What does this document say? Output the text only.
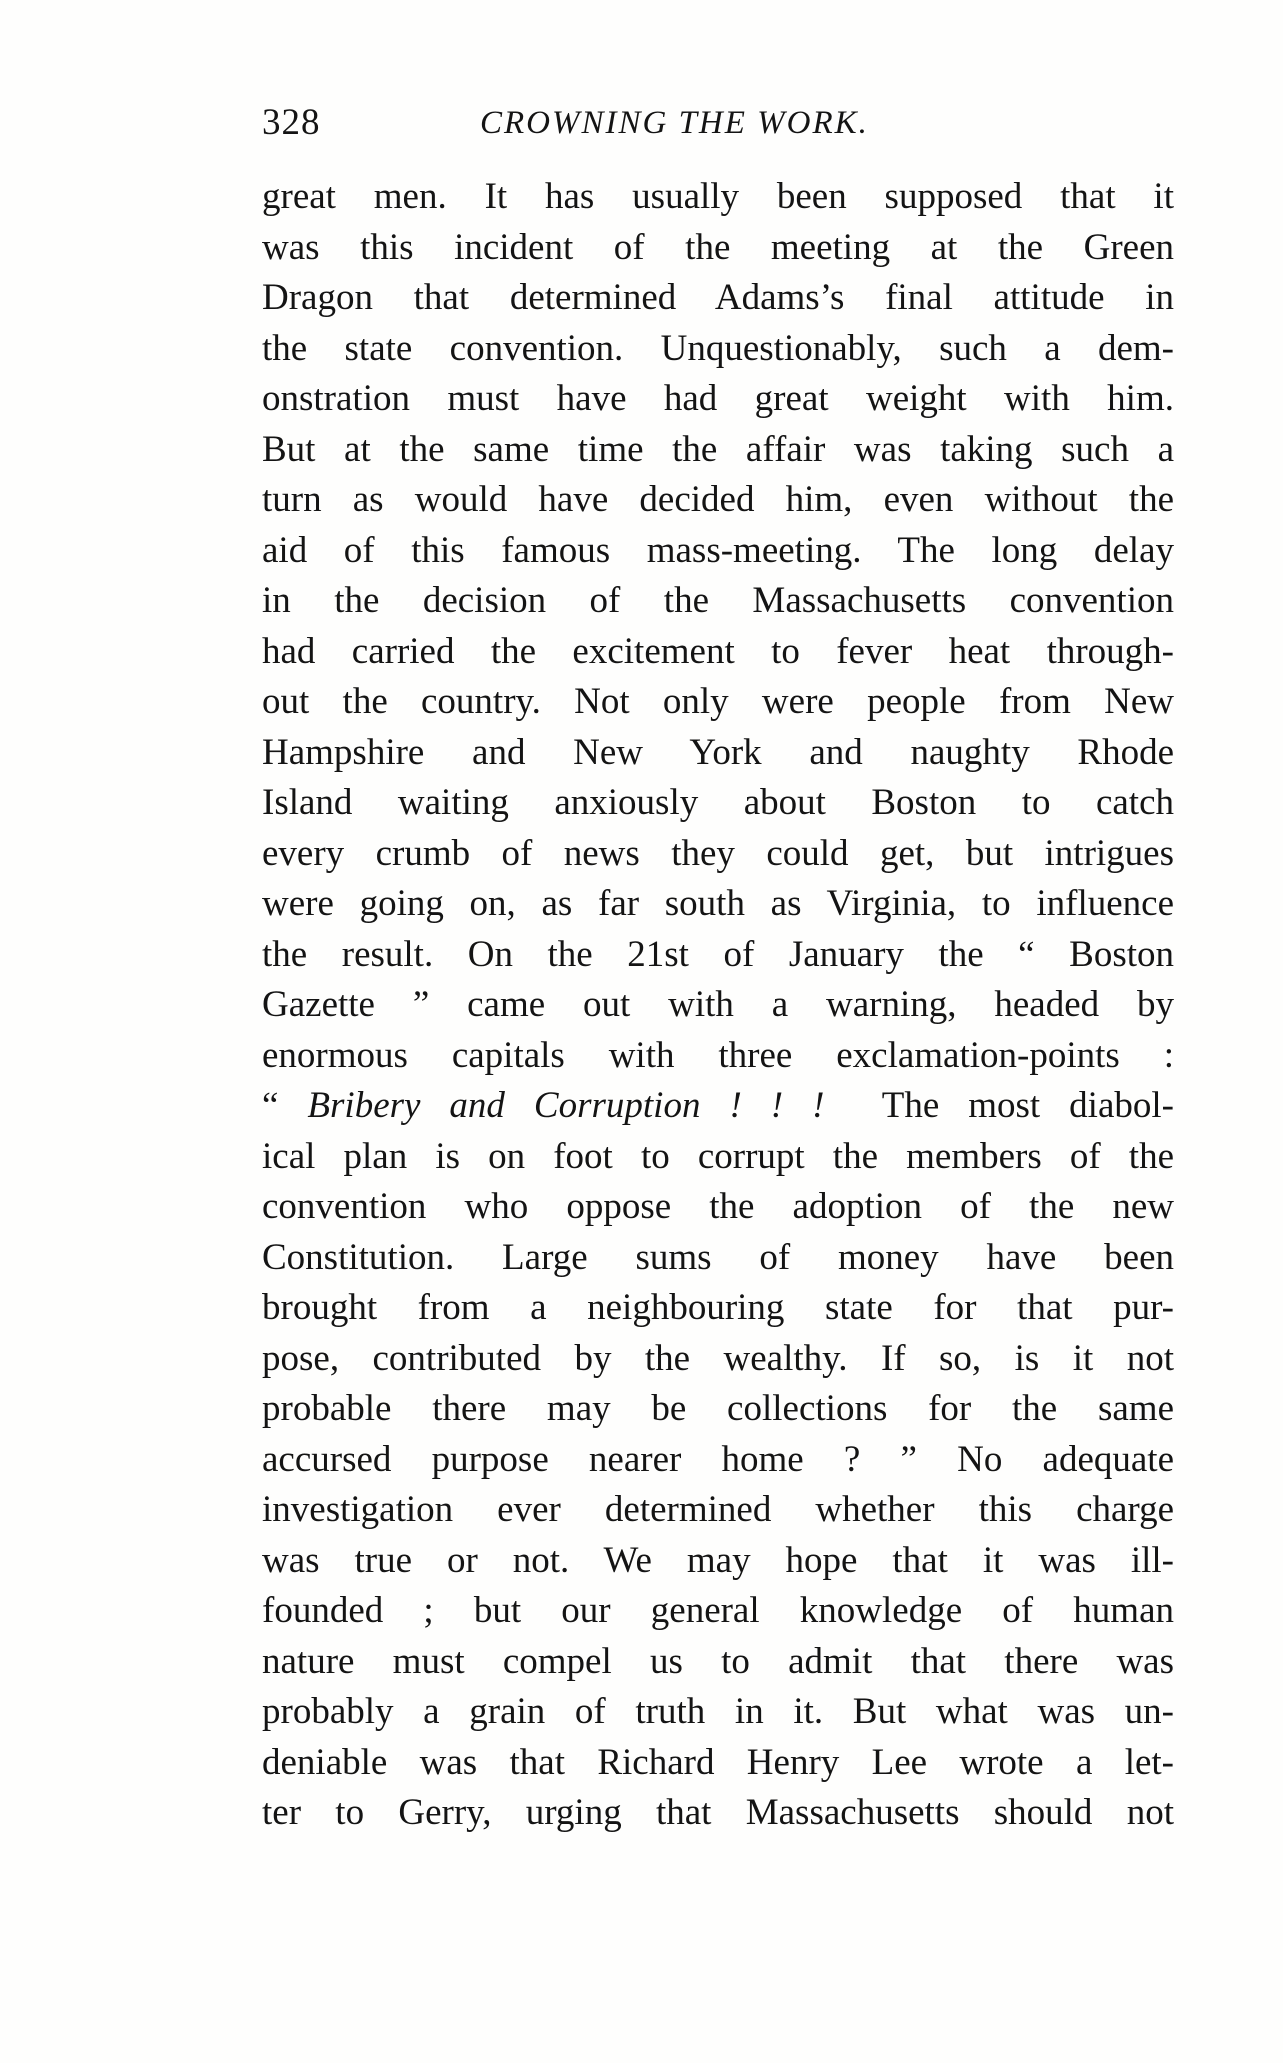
328	CROWNING THE WORK.
great men. It has usually been supposed that it
was this incident of the meeting at the Green
Dragon that determined Adams’s final attitude in
the state convention. Unquestionably, such a dem-
onstration must have had great weight with him.
But at the same time the affair was taking such a
turn as would have decided him, even without the
aid of this famous mass-meeting. The long delay
in the decision of the Massachusetts convention
had carried the excitement to fever heat through-
out the country. Not only were people from New
Hampshire and New York and naughty Rhode
Island waiting anxiously about Boston to catch
every crumb of news they could get, but intrigues
were going on, as far south as Virginia, to influence
the result. On the 21st of January the “ Boston
Gazette ” came out with a warning, headed by
enormous capitals with three exclamation-points :
“ Bribery and Corruption ! ! !  The most diabol-
ical plan is on foot to corrupt the members of the
convention who oppose the adoption of the new
Constitution. Large sums of money have been
brought from a neighbouring state for that pur-
pose, contributed by the wealthy. If so, is it not
probable there may be collections for the same
accursed purpose nearer home ? ” No adequate
investigation ever determined whether this charge
was true or not. We may hope that it was ill-
founded ; but our general knowledge of human
nature must compel us to admit that there was
probably a grain of truth in it. But what was un-
deniable was that Richard Henry Lee wrote a let-
ter to Gerry, urging that Massachusetts should not
